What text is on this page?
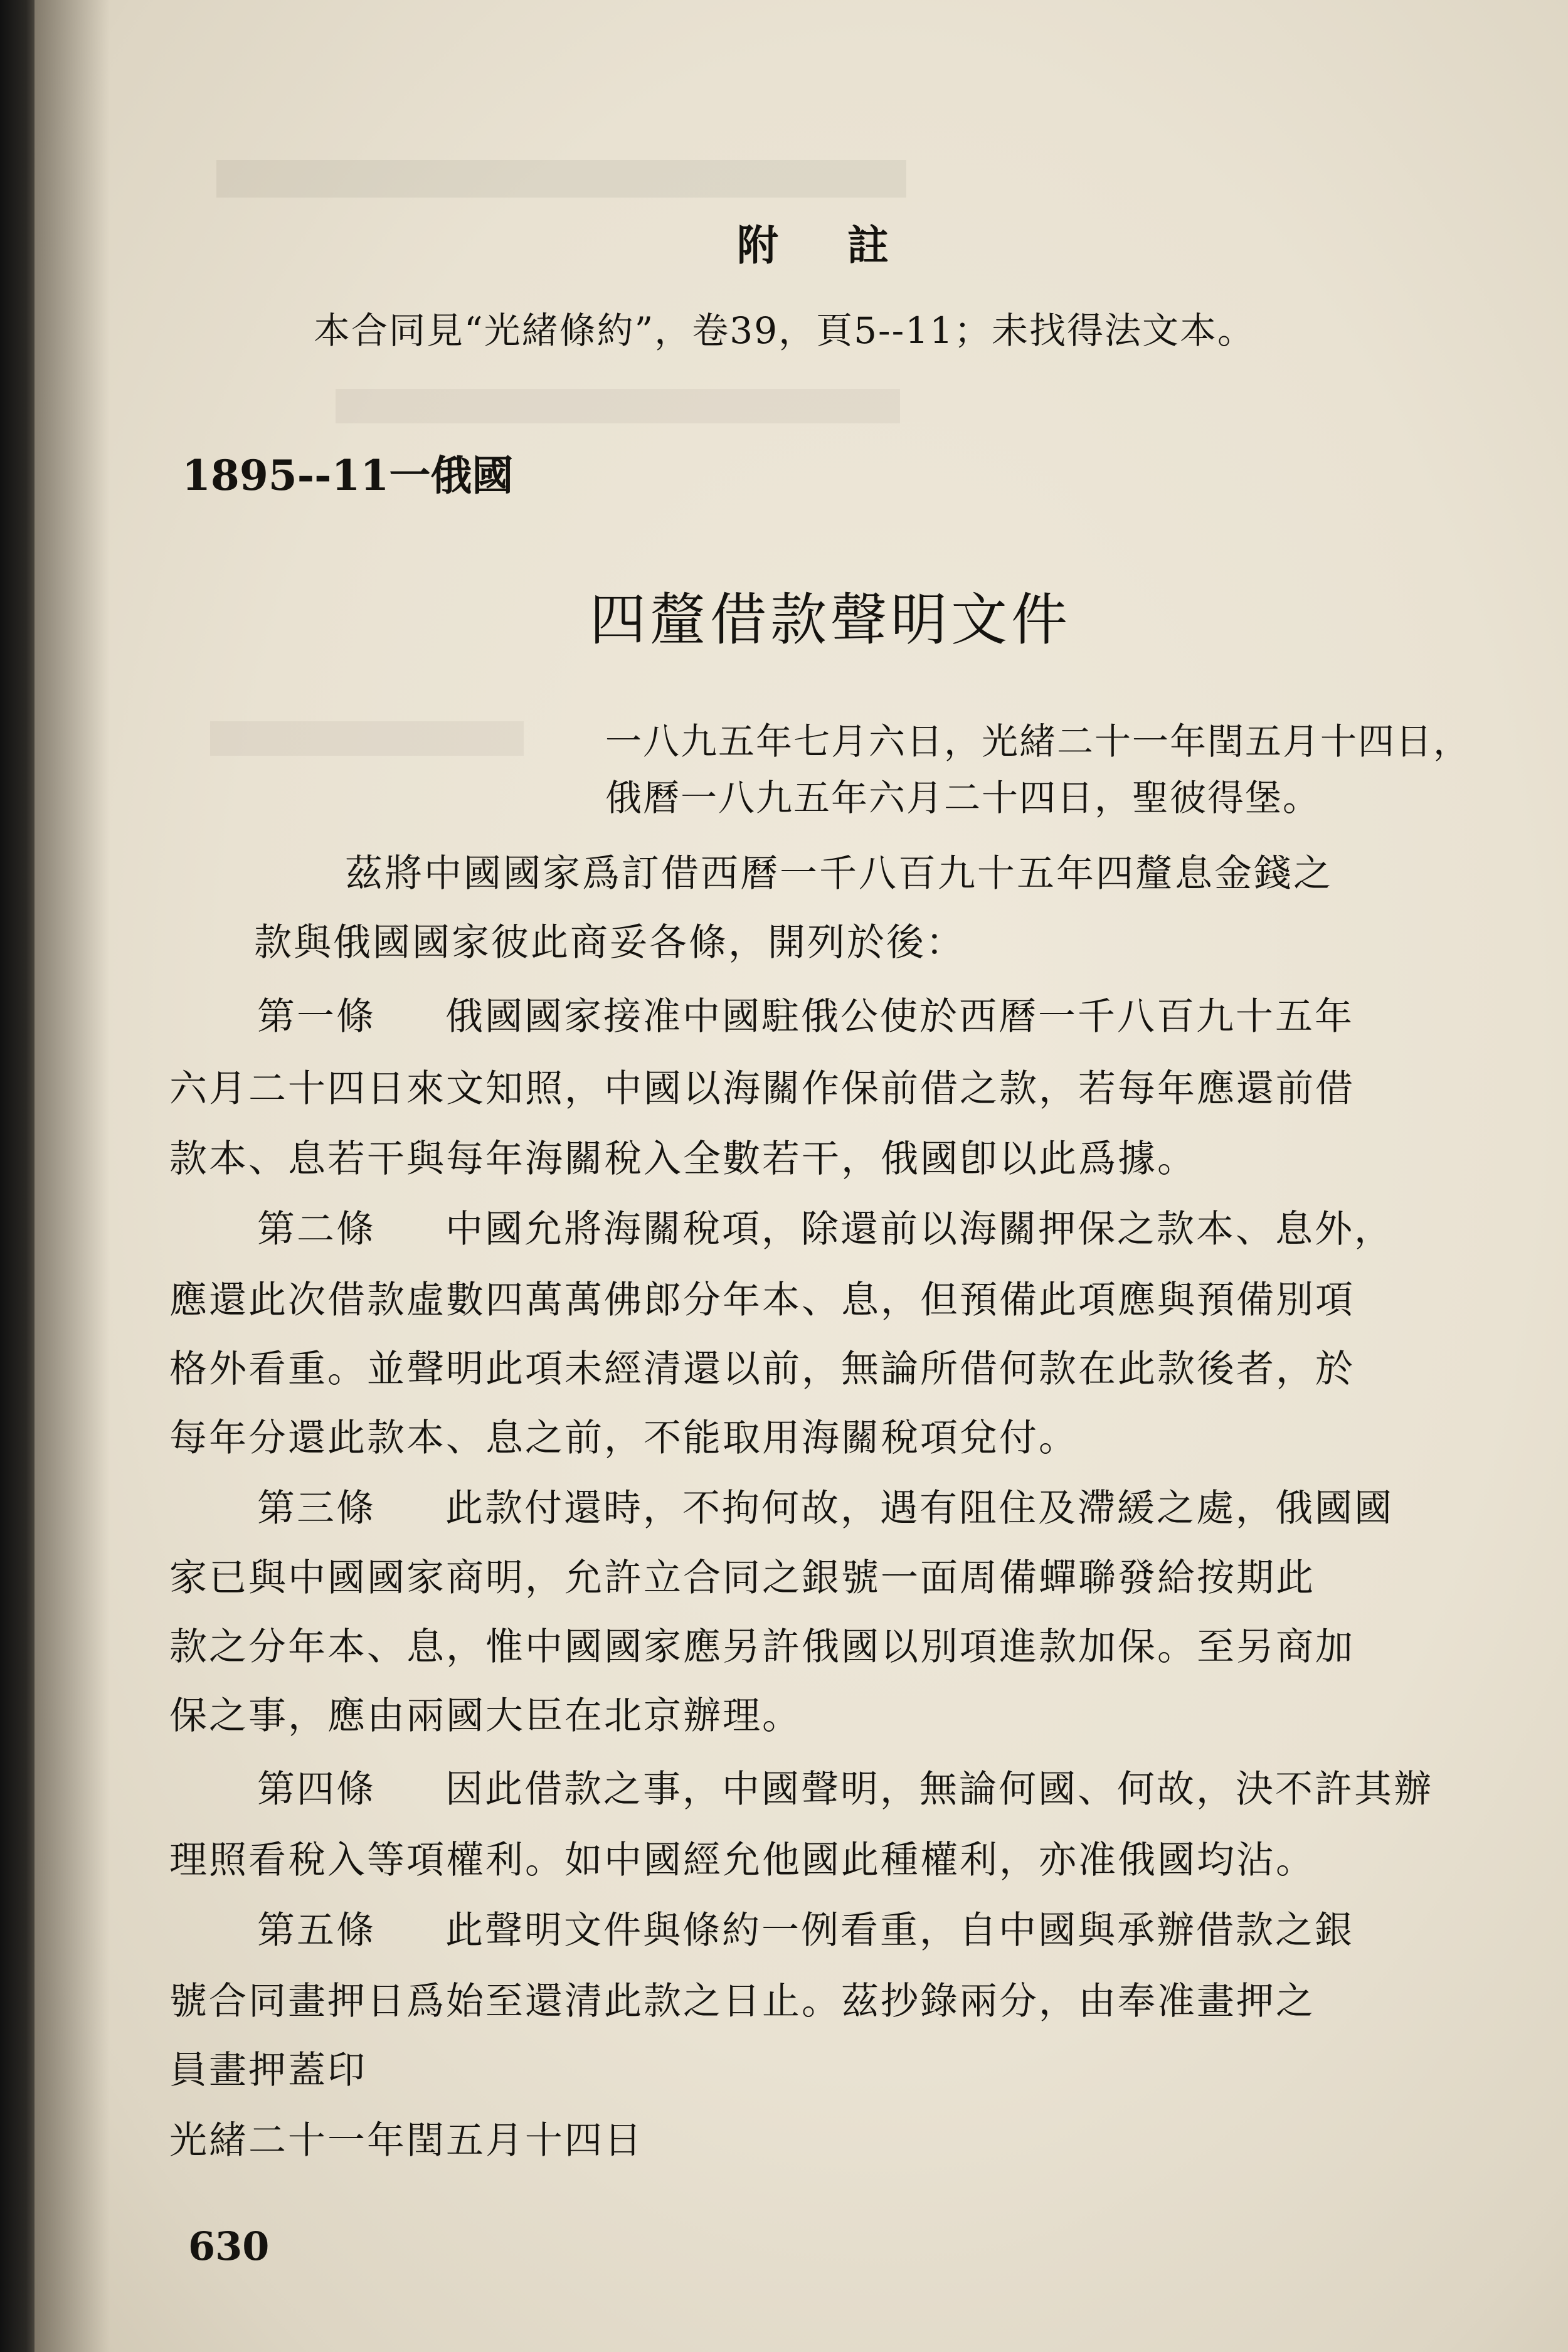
附註
本合同見“光緒條約”，卷39，頁5--11；未找得法文本。
1895--11一俄國
四釐借款聲明文件
一八九五年七月六日，光緒二十一年閏五月十四日，
俄曆一八九五年六月二十四日，聖彼得堡。
茲將中國國家爲訂借西曆一千八百九十五年四釐息金錢之
款與俄國國家彼此商妥各條，開列於後：
第一條 俄國國家接准中國駐俄公使於西曆一千八百九十五年
六月二十四日來文知照，中國以海關作保前借之款，若每年應還前借
款本、息若干與每年海關稅入全數若干，俄國卽以此爲據。
第二條 中國允將海關稅項，除還前以海關押保之款本、息外，
應還此次借款虛數四萬萬佛郎分年本、息，但預備此項應與預備別項
格外看重。並聲明此項未經清還以前，無論所借何款在此款後者，於
每年分還此款本、息之前，不能取用海關稅項兌付。
第三條 此款付還時，不拘何故，遇有阻住及滯緩之處，俄國國
家已與中國國家商明，允許立合同之銀號一面周備蟬聯發給按期此
款之分年本、息，惟中國國家應另許俄國以別項進款加保。至另商加
保之事，應由兩國大臣在北京辦理。
第四條 因此借款之事，中國聲明，無論何國、何故，決不許其辦
理照看稅入等項權利。如中國經允他國此種權利，亦准俄國均沾。
第五條 此聲明文件與條約一例看重，自中國與承辦借款之銀
號合同畫押日爲始至還清此款之日止。茲抄錄兩分，由奉准畫押之
員畫押蓋印
光緒二十一年閏五月十四日
630
